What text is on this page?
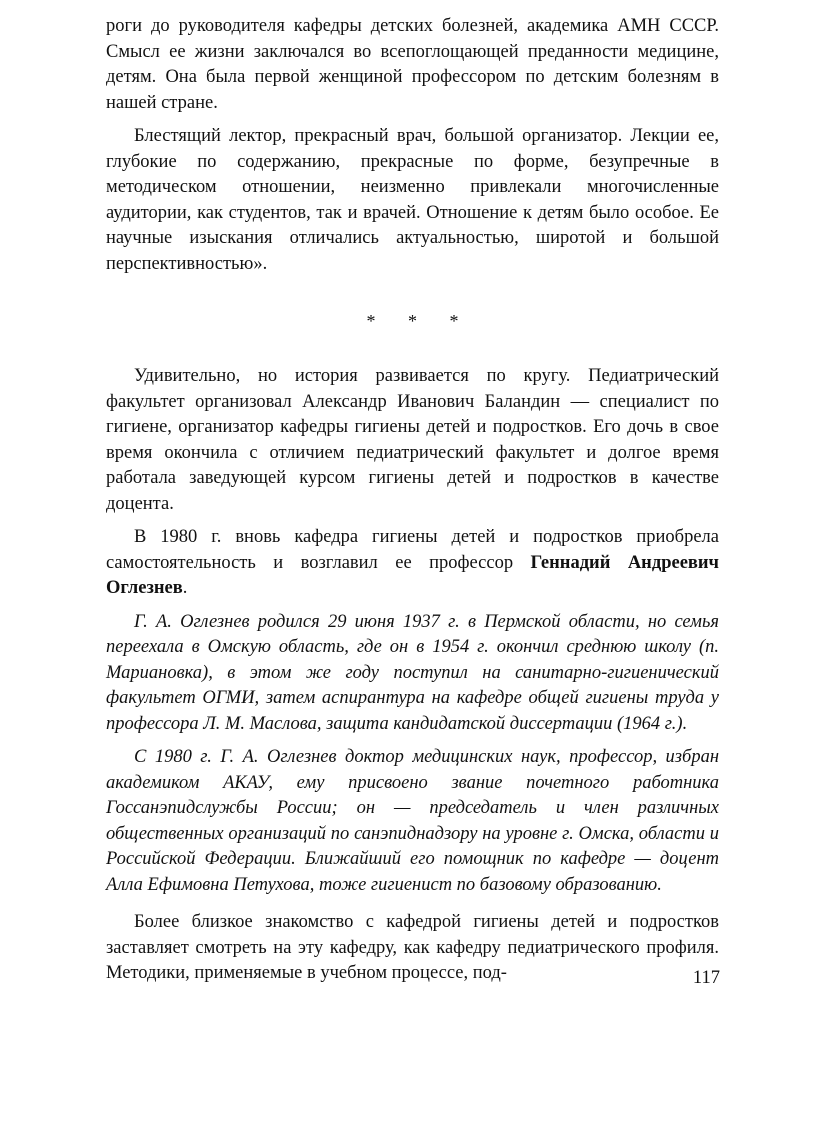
роги до руководителя кафедры детских болезней, академика АМН СССР. Смысл ее жизни заключался во всепоглощающей преданности медицине, детям. Она была первой женщиной профессором по детским болезням в нашей стране.

Блестящий лектор, прекрасный врач, большой организатор. Лекции ее, глубокие по содержанию, прекрасные по форме, безупречные в методическом отношении, неизменно привлекали многочисленные аудитории, как студентов, так и врачей. Отношение к детям было особое. Ее научные изыскания отличались актуальностью, широтой и большой перспективностью».

* * *

Удивительно, но история развивается по кругу. Педиатрический факультет организовал Александр Иванович Баландин — специалист по гигиене, организатор кафедры гигиены детей и подростков. Его дочь в свое время окончила с отличием педиатрический факультет и долгое время работала заведующей курсом гигиены детей и подростков в качестве доцента.

В 1980 г. вновь кафедра гигиены детей и подростков приобрела самостоятельность и возглавил ее профессор Геннадий Андреевич Оглезнев.

Г. А. Оглезнев родился 29 июня 1937 г. в Пермской области, но семья переехала в Омскую область, где он в 1954 г. окончил среднюю школу (п. Мариановка), в этом же году поступил на санитарно-гигиенический факультет ОГМИ, затем аспирантура на кафедре общей гигиены труда у профессора Л. М. Маслова, защита кандидатской диссертации (1964 г.).

С 1980 г. Г. А. Оглезнев доктор медицинских наук, профессор, избран академиком АКАУ, ему присвоено звание почетного работника Госсанэпидслужбы России; он — председатель и член различных общественных организаций по санэпиднадзору на уровне г. Омска, области и Российской Федерации. Ближайший его помощник по кафедре — доцент Алла Ефимовна Петухова, тоже гигиенист по базовому образованию.

Более близкое знакомство с кафедрой гигиены детей и подростков заставляет смотреть на эту кафедру, как кафедру педиатрического профиля. Методики, применяемые в учебном процессе, под-	117
